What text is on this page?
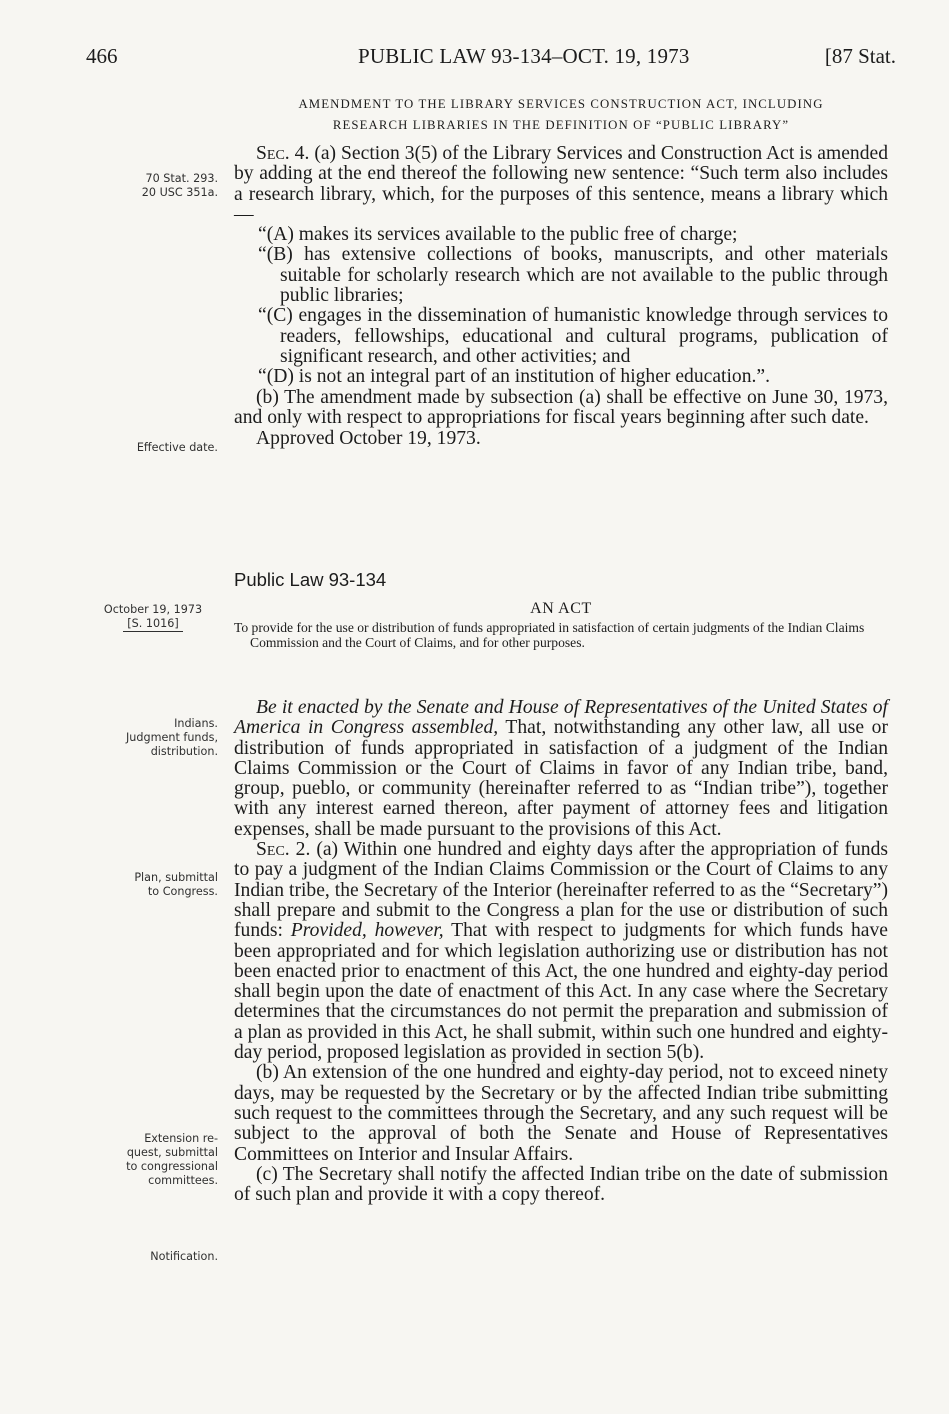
466	PUBLIC LAW 93-134–OCT. 19, 1973	[87 Stat.
70 Stat. 293.
20 USC 351a.
Effective date.
October 19, 1973
[S. 1016]
Indians.
Judgment funds,
distribution.
Plan, submittal
to Congress.
Extension re-
quest, submittal
to congressional
committees.
Notification.
AMENDMENT TO THE LIBRARY SERVICES CONSTRUCTION ACT, INCLUDING
RESEARCH LIBRARIES IN THE DEFINITION OF “PUBLIC LIBRARY”

Sec. 4. (a) Section 3(5) of the Library Services and Construction Act is amended by adding at the end thereof the following new sentence: “Such term also includes a research library, which, for the purposes of this sentence, means a library which—

“(A) makes its services available to the public free of charge;

“(B) has extensive collections of books, manuscripts, and other materials suitable for scholarly research which are not available to the public through public libraries;

“(C) engages in the dissemination of humanistic knowledge through services to readers, fellowships, educational and cultural programs, publication of significant research, and other activities; and

“(D) is not an integral part of an institution of higher education.”.

(b) The amendment made by subsection (a) shall be effective on June 30, 1973, and only with respect to appropriations for fiscal years beginning after such date.

Approved October 19, 1973.
Public Law 93-134
AN ACT

To provide for the use or distribution of funds appropriated in satisfaction of certain judgments of the Indian Claims Commission and the Court of Claims, and for other purposes.

Be it enacted by the Senate and House of Representatives of the United States of America in Congress assembled, That, notwithstanding any other law, all use or distribution of funds appropriated in satisfaction of a judgment of the Indian Claims Commission or the Court of Claims in favor of any Indian tribe, band, group, pueblo, or community (hereinafter referred to as “Indian tribe”), together with any interest earned thereon, after payment of attorney fees and litigation expenses, shall be made pursuant to the provisions of this Act.

Sec. 2. (a) Within one hundred and eighty days after the appropriation of funds to pay a judgment of the Indian Claims Commission or the Court of Claims to any Indian tribe, the Secretary of the Interior (hereinafter referred to as the “Secretary”) shall prepare and submit to the Congress a plan for the use or distribution of such funds: Provided, however, That with respect to judgments for which funds have been appropriated and for which legislation authorizing use or distribution has not been enacted prior to enactment of this Act, the one hundred and eighty-day period shall begin upon the date of enactment of this Act. In any case where the Secretary determines that the circumstances do not permit the preparation and submission of a plan as provided in this Act, he shall submit, within such one hundred and eighty-day period, proposed legislation as provided in section 5(b).

(b) An extension of the one hundred and eighty-day period, not to exceed ninety days, may be requested by the Secretary or by the affected Indian tribe submitting such request to the committees through the Secretary, and any such request will be subject to the approval of both the Senate and House of Representatives Committees on Interior and Insular Affairs.

(c) The Secretary shall notify the affected Indian tribe on the date of submission of such plan and provide it with a copy thereof.
